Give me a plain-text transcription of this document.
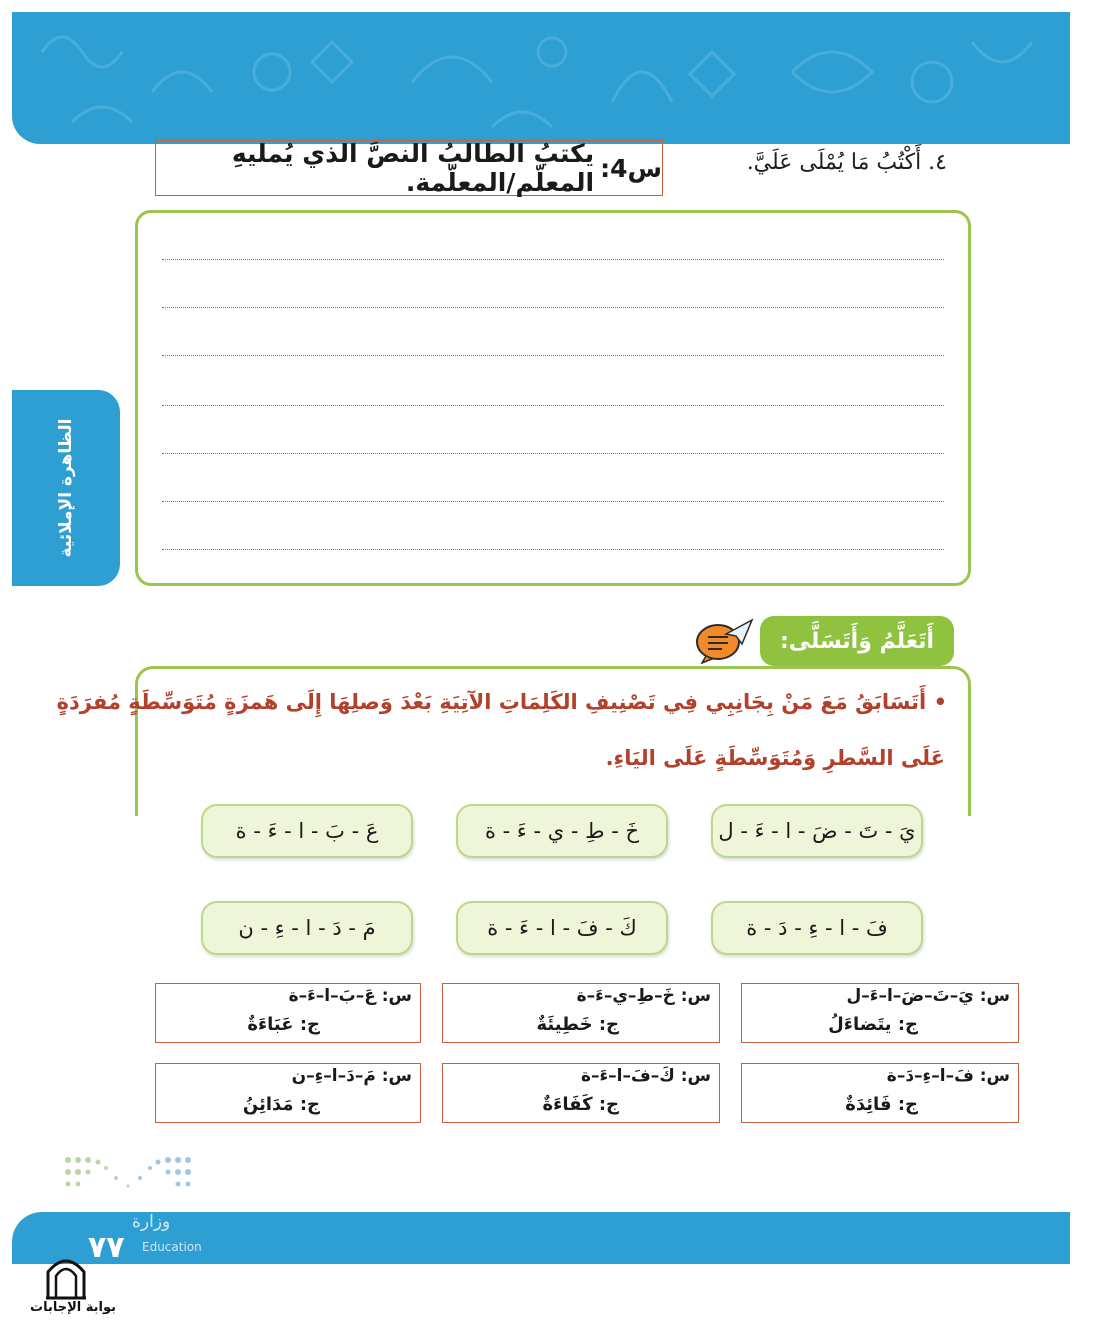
الظاهرة الإملائية
٤. أَكْتُبُ مَا يُمْلَى عَلَيَّ.
س4:
يكتبُ الطالبُ النصَّ الذي يُمليهِ المعلّم/المعلّمة.
أَتَعَلَّمُ وَأَتَسَلَّى:
• أَتَسَابَقُ مَعَ مَنْ بِجَانِبِي فِي تَصْنِيفِ الكَلِمَاتِ الآتِيَةِ بَعْدَ وَصلِهَا إِلَى هَمزَةٍ مُتَوَسِّطَةٍ مُفرَدَةٍ
عَلَى السَّطرِ وَمُتَوَسِّطَةٍ عَلَى اليَاءِ.
يَ - تَ - ضَ - ا - ءَ - ل
خَ - طِ - ي - ءَ - ة
عَ - بَ - ا - ءَ - ة
فَ - ا - ءِ - دَ - ة
كَ - فَ - ا - ءَ - ة
مَ - دَ - ا - ءِ - ن
س: يَ–تَ–ضَ–ا–ءَ–ل
ج: يتَضاءَلُ
س: خَ–طِ–ي–ءَ–ة
ج: خَطِيئَةٌ
س: عَ–بَ–ا–ءَ–ة
ج: عَبَاءَةٌ
س: فَ–ا–ءِ–دَ–ة
ج: فَائِدَةٌ
س: كَ–فَ–ا–ءَ–ة
ج: كَفَاءَةٌ
س: مَ–دَ–ا–ءِ–ن
ج: مَدَائِنُ
وزارة
Education
٧٧
بوابة الإجابات
